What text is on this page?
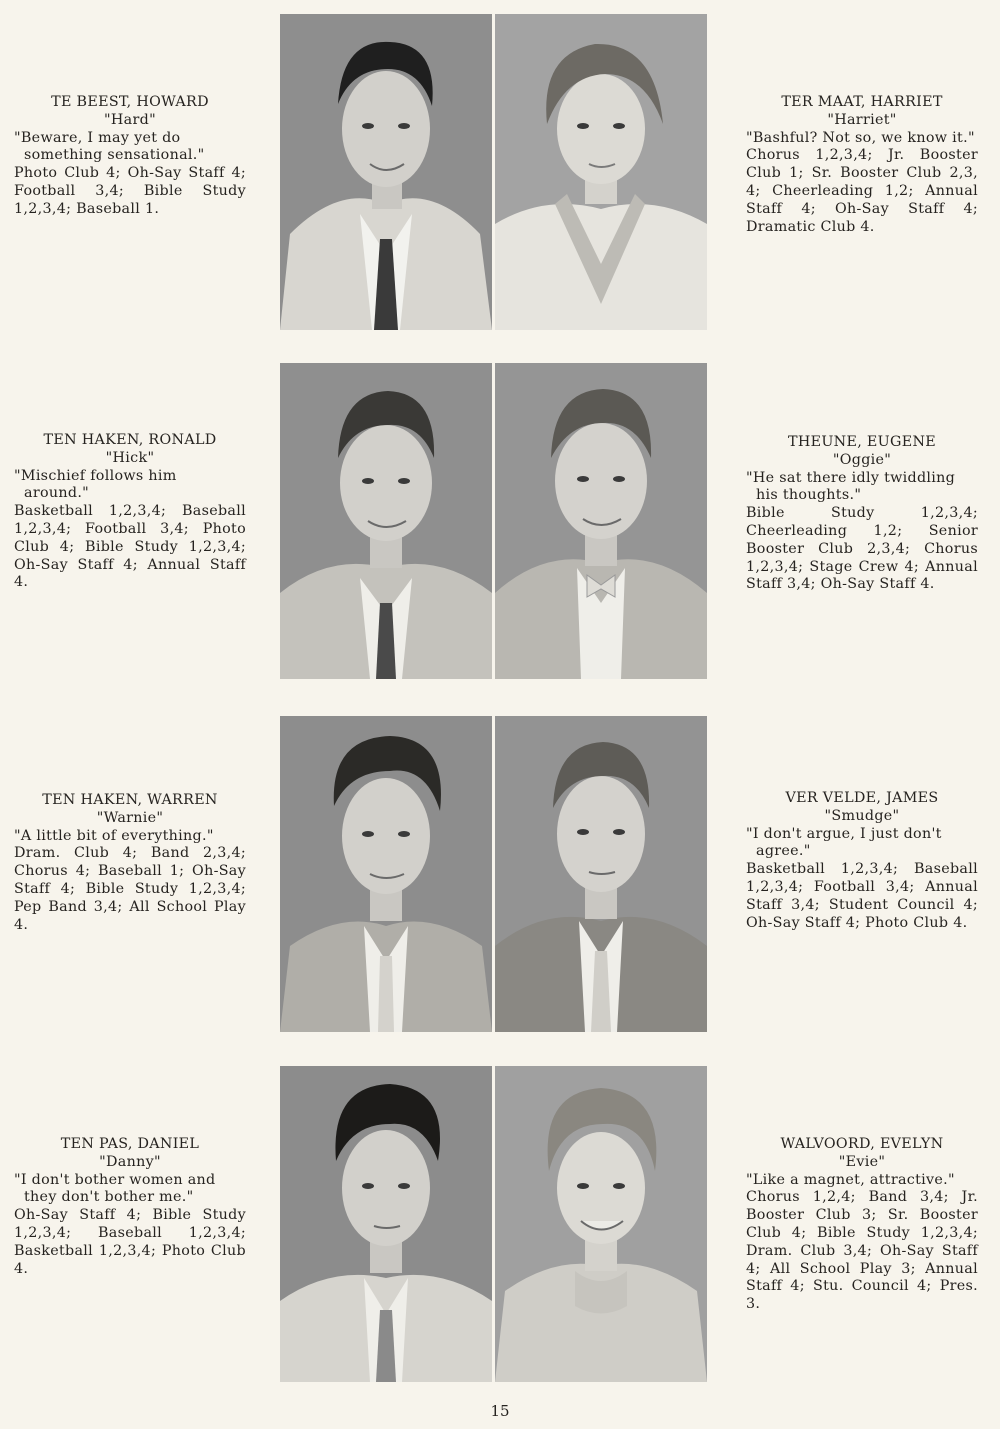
TE BEEST, HOWARD
"Hard"
"Beware, I may yet do something sensational."
Photo Club 4; Oh-Say Staff 4; Football 3,4; Bible Study 1,2,3,4; Baseball 1.
TER MAAT, HARRIET
"Harriet"
"Bashful? Not so, we know it."
Chorus 1,2,3,4; Jr. Booster Club 1; Sr. Booster Club 2,3, 4; Cheerleading 1,2; Annual Staff 4; Oh-Say Staff 4; Dramatic Club 4.
TEN HAKEN, RONALD
"Hick"
"Mischief follows him around."
Basketball 1,2,3,4; Baseball 1,2,3,4; Football 3,4; Photo Club 4; Bible Study 1,2,3,4; Oh-Say Staff 4; Annual Staff 4.
THEUNE, EUGENE
"Oggie"
"He sat there idly twiddling his thoughts."
Bible Study 1,2,3,4; Cheerleading 1,2; Senior Booster Club 2,3,4; Chorus 1,2,3,4; Stage Crew 4; Annual Staff 3,4; Oh-Say Staff 4.
TEN HAKEN, WARREN
"Warnie"
"A little bit of everything."
Dram. Club 4; Band 2,3,4; Chorus 4; Baseball 1; Oh-Say Staff 4; Bible Study 1,2,3,4; Pep Band 3,4; All School Play 4.
VER VELDE, JAMES
"Smudge"
"I don't argue, I just don't agree."
Basketball 1,2,3,4; Baseball 1,2,3,4; Football 3,4; Annual Staff 3,4; Student Council 4; Oh-Say Staff 4; Photo Club 4.
TEN PAS, DANIEL
"Danny"
"I don't bother women and they don't bother me."
Oh-Say Staff 4; Bible Study 1,2,3,4; Baseball 1,2,3,4; Basketball 1,2,3,4; Photo Club 4.
WALVOORD, EVELYN
"Evie"
"Like a magnet, attractive."
Chorus 1,2,4; Band 3,4; Jr. Booster Club 3; Sr. Booster Club 4; Bible Study 1,2,3,4; Dram. Club 3,4; Oh-Say Staff 4; All School Play 3; Annual Staff 4; Stu. Council 4; Pres. 3.
15
